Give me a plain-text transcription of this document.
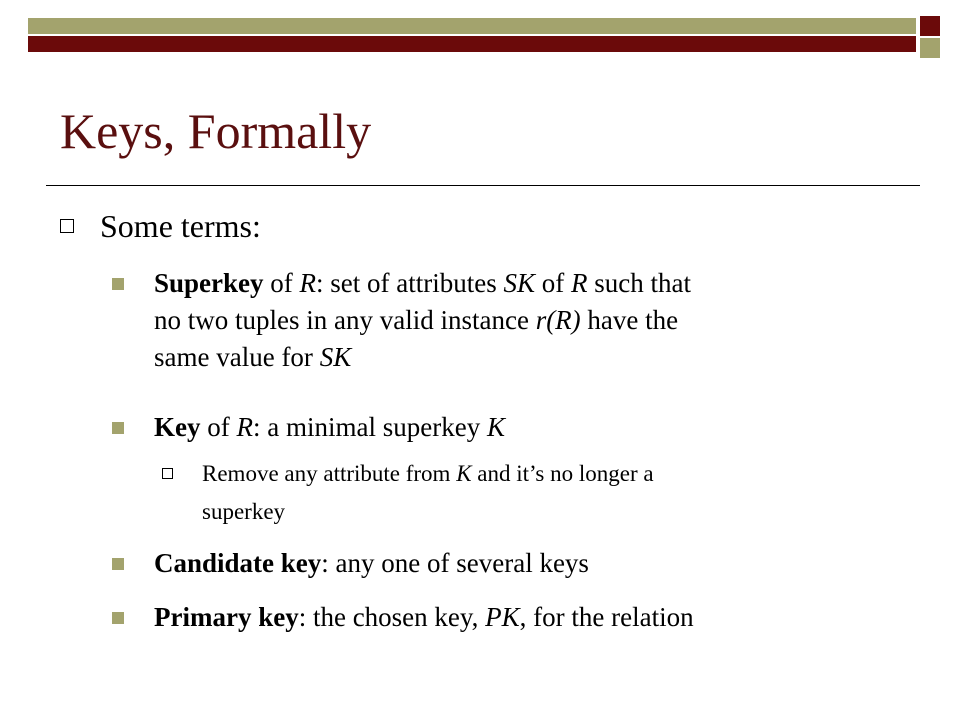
Keys, Formally
Some terms:
Superkey of R: set of attributes SK of R such that
no two tuples in any valid instance r(R) have the
same value for SK
Key of R: a minimal superkey K
Remove any attribute from K and it’s no longer a
superkey
Candidate key: any one of several keys
Primary key: the chosen key, PK, for the relation
